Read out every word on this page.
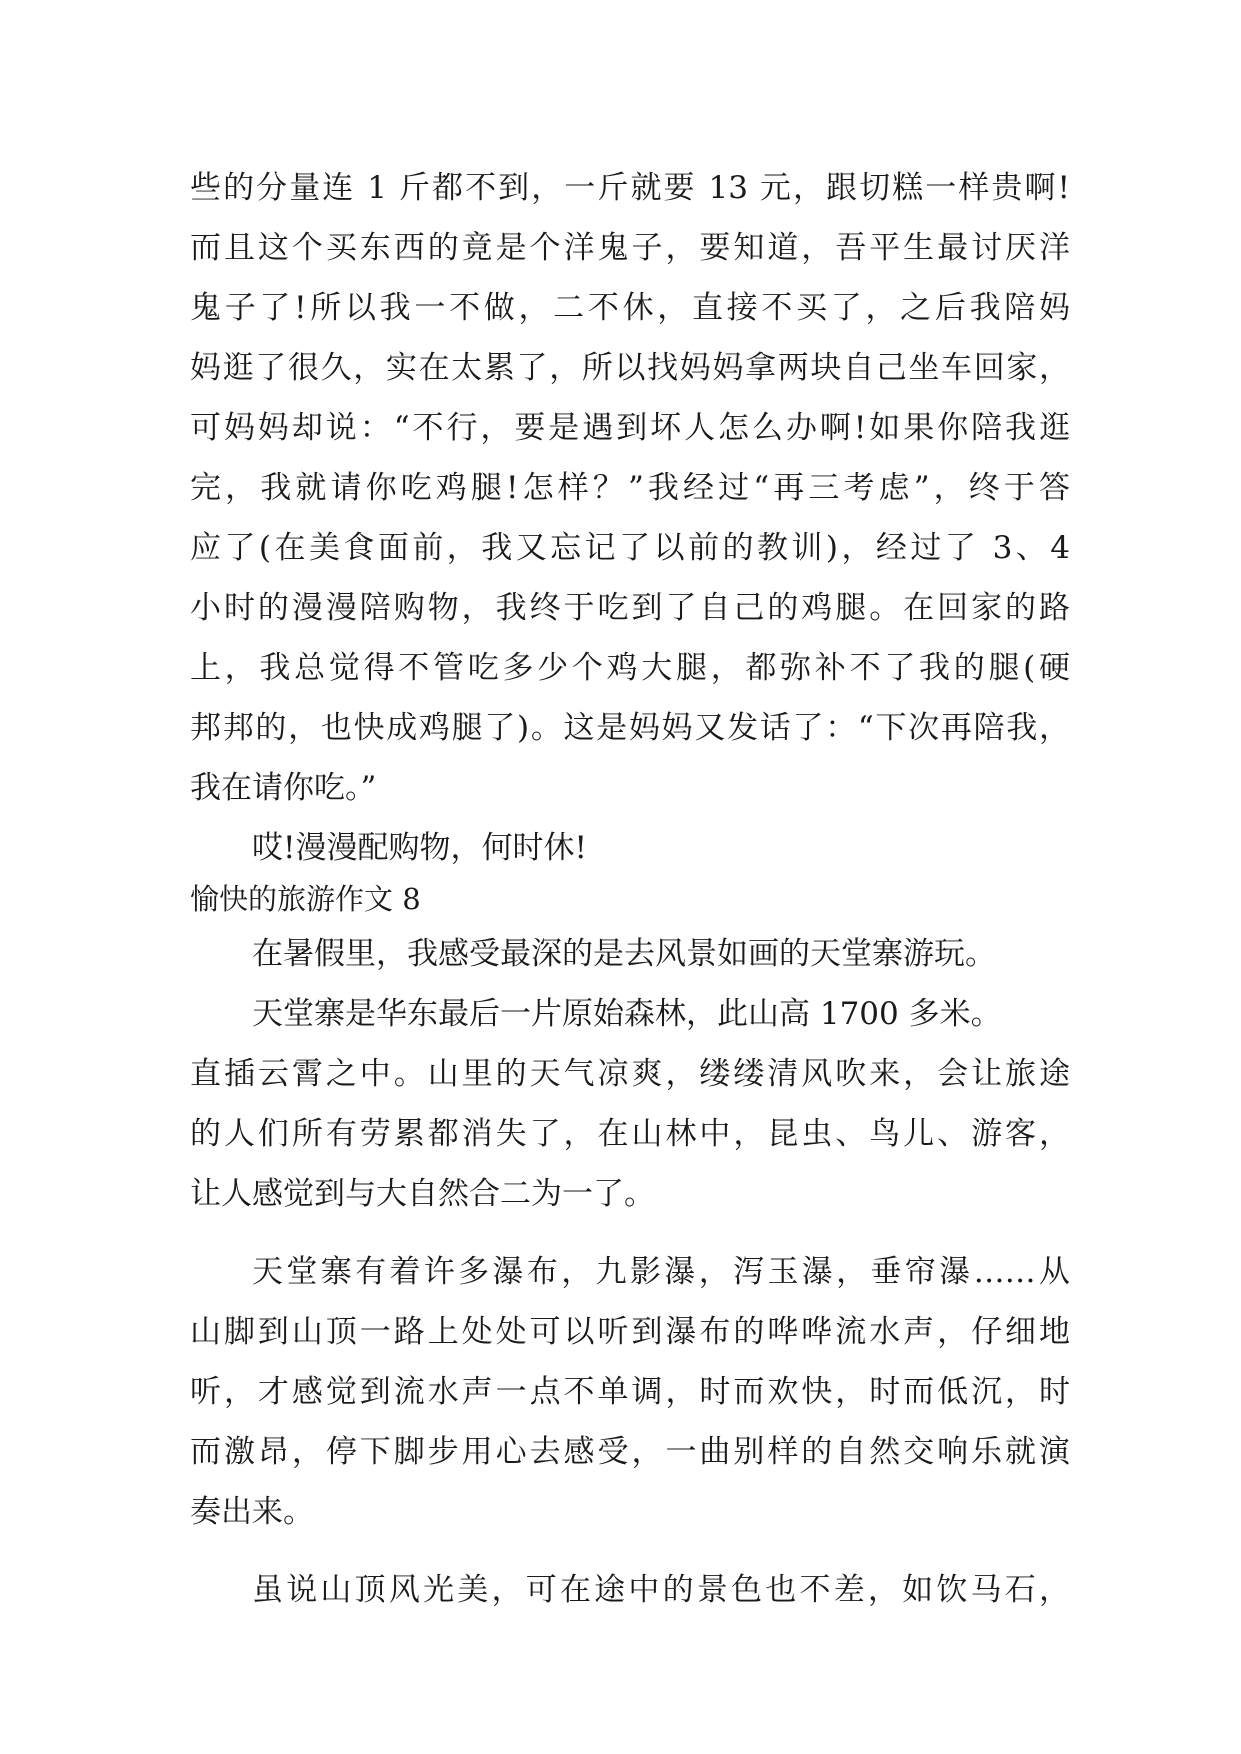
些的分量连 1 斤都不到，一斤就要 13 元，跟切糕一样贵啊!
而且这个买东西的竟是个洋鬼子，要知道，吾平生最讨厌洋
鬼子了!所以我一不做，二不休，直接不买了，之后我陪妈
妈逛了很久，实在太累了，所以找妈妈拿两块自己坐车回家，
可妈妈却说：“不行，要是遇到坏人怎么办啊!如果你陪我逛
完，我就请你吃鸡腿!怎样？”我经过“再三考虑”，终于答
应了(在美食面前，我又忘记了以前的教训)，经过了 3、4
小时的漫漫陪购物，我终于吃到了自己的鸡腿。在回家的路
上，我总觉得不管吃多少个鸡大腿，都弥补不了我的腿(硬
邦邦的，也快成鸡腿了)。这是妈妈又发话了：“下次再陪我，
我在请你吃。”
哎!漫漫配购物，何时休!
愉快的旅游作文 8
在暑假里，我感受最深的是去风景如画的天堂寨游玩。
天堂寨是华东最后一片原始森林，此山高 1700 多米。
直插云霄之中。山里的天气凉爽，缕缕清风吹来，会让旅途
的人们所有劳累都消失了，在山林中，昆虫、鸟儿、游客，
让人感觉到与大自然合二为一了。
天堂寨有着许多瀑布，九影瀑，泻玉瀑，垂帘瀑……从
山脚到山顶一路上处处可以听到瀑布的哗哗流水声，仔细地
听，才感觉到流水声一点不单调，时而欢快，时而低沉，时
而激昂，停下脚步用心去感受，一曲别样的自然交响乐就演
奏出来。
虽说山顶风光美，可在途中的景色也不差，如饮马石，
